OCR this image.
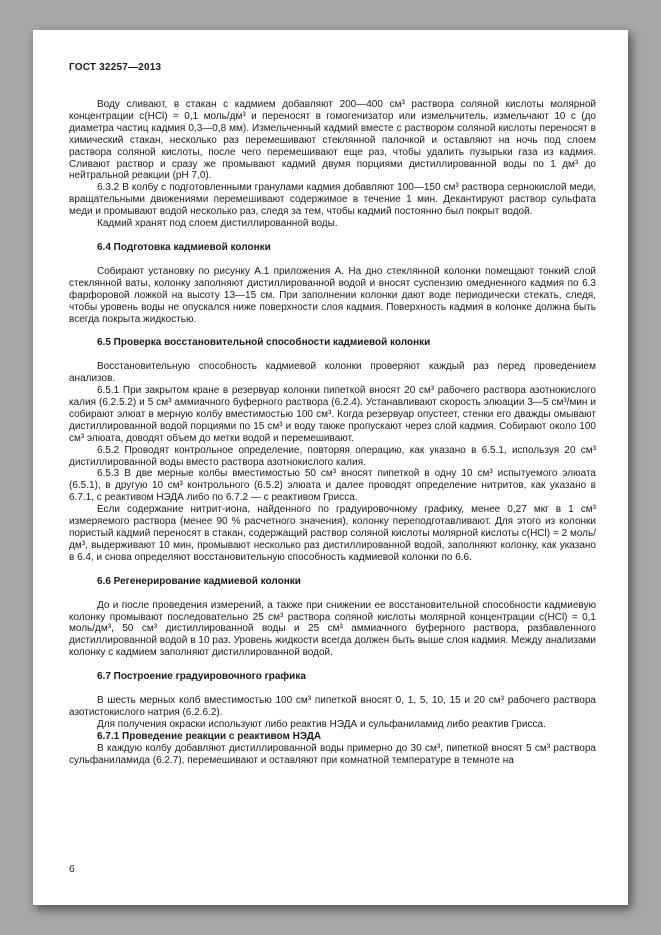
ГОСТ 32257—2013

Воду сливают, в стакан с кадмием добавляют 200—400 см³ раствора соляной кислоты молярной концентрации с(HCl) = 0,1 моль/дм³ и переносят в гомогенизатор или измельчитель, измельчают 10 с (до диаметра частиц кадмия 0,3—0,8 мм). Измельченный кадмий вместе с раствором соляной кислоты переносят в химический стакан, несколько раз перемешивают стеклянной палочкой и оставляют на ночь под слоем раствора соляной кислоты, после чего перемешивают еще раз, чтобы удалить пузырьки газа из кадмия. Сливают раствор и сразу же промывают кадмий двумя порциями дистиллированной воды по 1 дм³ до нейтральной реакции (рН 7,0).

6.3.2 В колбу с подготовленными гранулами кадмия добавляют 100—150 см³ раствора сернокислой меди, вращательными движениями перемешивают содержимое в течение 1 мин. Декантируют раствор сульфата меди и промывают водой несколько раз, следя за тем, чтобы кадмий постоянно был покрыт водой.

Кадмий хранят под слоем дистиллированной воды.

6.4 Подготовка кадмиевой колонки

Собирают установку по рисунку А.1 приложения А. На дно стеклянной колонки помещают тонкий слой стеклянной ваты, колонку заполняют дистиллированной водой и вносят суспензию омедненного кадмия по 6.3 фарфоровой ложкой на высоту 13—15 см. При заполнении колонки дают воде периодически стекать, следя, чтобы уровень воды не опускался ниже поверхности слоя кадмия. Поверхность кадмия в колонке должна быть всегда покрыта жидкостью.

6.5 Проверка восстановительной способности кадмиевой колонки

Восстановительную способность кадмиевой колонки проверяют каждый раз перед проведением анализов.

6.5.1 При закрытом кране в резервуар колонки пипеткой вносят 20 см³ рабочего раствора азотнокислого калия (6.2.5.2) и 5 см³ аммиачного буферного раствора (6.2.4). Устанавливают скорость элюации 3—5 см³/мин и собирают элюат в мерную колбу вместимостью 100 см³. Когда резервуар опустеет, стенки его дважды омывают дистиллированной водой порциями по 15 см³ и воду также пропускают через слой кадмия. Собирают около 100 см³ элюата, доводят объем до метки водой и перемешивают.

6.5.2 Проводят контрольное определение, повторяя операцию, как указано в 6.5.1, используя 20 см³ дистиллированной воды вместо раствора азотнокислого калия.

6.5.3 В две мерные колбы вместимостью 50 см³ вносят пипеткой в одну 10 см³ испытуемого элюата (6.5.1), в другую 10 см³ контрольного (6.5.2) элюата и далее проводят определение нитритов, как указано в 6.7.1, с реактивом НЭДА либо по 6.7.2 — с реактивом Грисса.

Если содержание нитрит-иона, найденного по градуировочному графику, менее 0,27 мкг в 1 см³ измеряемого раствора (менее 90 % расчетного значения), колонку переподготавливают. Для этого из колонки пористый кадмий переносят в стакан, содержащий раствор соляной кислоты молярной кислоты с(HCl) = 2 моль/дм³, выдерживают 10 мин, промывают несколько раз дистиллированной водой, заполняют колонку, как указано в 6.4, и снова определяют восстановительную способность кадмиевой колонки по 6.6.

6.6 Регенерирование кадмиевой колонки

До и после проведения измерений, а также при снижении ее восстановительной способности кадмиевую колонку промывают последовательно 25 см³ раствора соляной кислоты молярной концентрации с(HCl) = 0,1 моль/дм³, 50 см³ дистиллированной воды и 25 см³ аммиачного буферного раствора, разбавленного дистиллированной водой в 10 раз. Уровень жидкости всегда должен быть выше слоя кадмия. Между анализами колонку с кадмием заполняют дистиллированной водой.

6.7 Построение градуировочного графика

В шесть мерных колб вместимостью 100 см³ пипеткой вносят 0, 1, 5, 10, 15 и 20 см³ рабочего раствора азотистокислого натрия (6.2.6.2).

Для получения окраски используют либо реактив НЭДА и сульфаниламид либо реактив Грисса.

6.7.1 Проведение реакции с реактивом НЭДА

В каждую колбу добавляют дистиллированной воды примерно до 30 см³, пипеткой вносят 5 см³ раствора сульфаниламида (6.2.7), перемешивают и оставляют при комнатной температуре в темноте на

6
